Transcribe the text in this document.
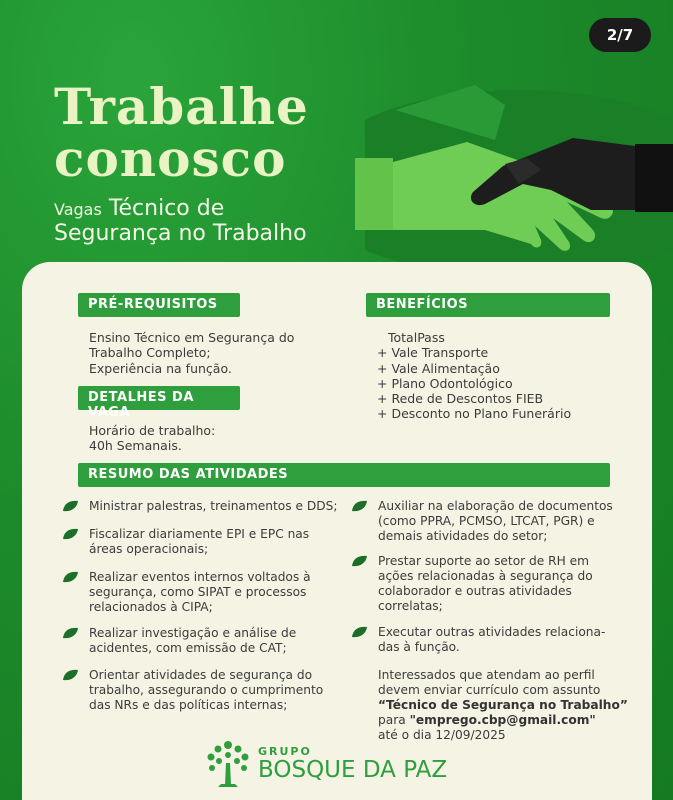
2/7
Trabalhe
conosco
Vagas Técnico de
Segurança no Trabalho
PRÉ-REQUISITOS
Ensino Técnico em Segurança do
Trabalho Completo;
Experiência na função.
DETALHES DA VAGA
Horário de trabalho:
40h Semanais.
BENEFÍCIOS
TotalPass
+ Vale Transporte
+ Vale Alimentação
+ Plano Odontológico
+ Rede de Descontos FIEB
+ Desconto no Plano Funerário
RESUMO DAS ATIVIDADES
Ministrar palestras, treinamentos e DDS;
Fiscalizar diariamente EPI e EPC nas
áreas operacionais;
Realizar eventos internos voltados à
segurança, como SIPAT e processos
relacionados à CIPA;
Realizar investigação e análise de
acidentes, com emissão de CAT;
Orientar atividades de segurança do
trabalho, assegurando o cumprimento
das NRs e das políticas internas;
Auxiliar na elaboração de documentos
(como PPRA, PCMSO, LTCAT, PGR) e
demais atividades do setor;
Prestar suporte ao setor de RH em
ações relacionadas à segurança do
colaborador e outras atividades
correlatas;
Executar outras atividades relaciona-
das à função.
Interessados que atendam ao perfil
devem enviar currículo com assunto
“Técnico de Segurança no Trabalho”
para "emprego.cbp@gmail.com"
até o dia 12/09/2025
GRUPO
BOSQUE DA PAZ
